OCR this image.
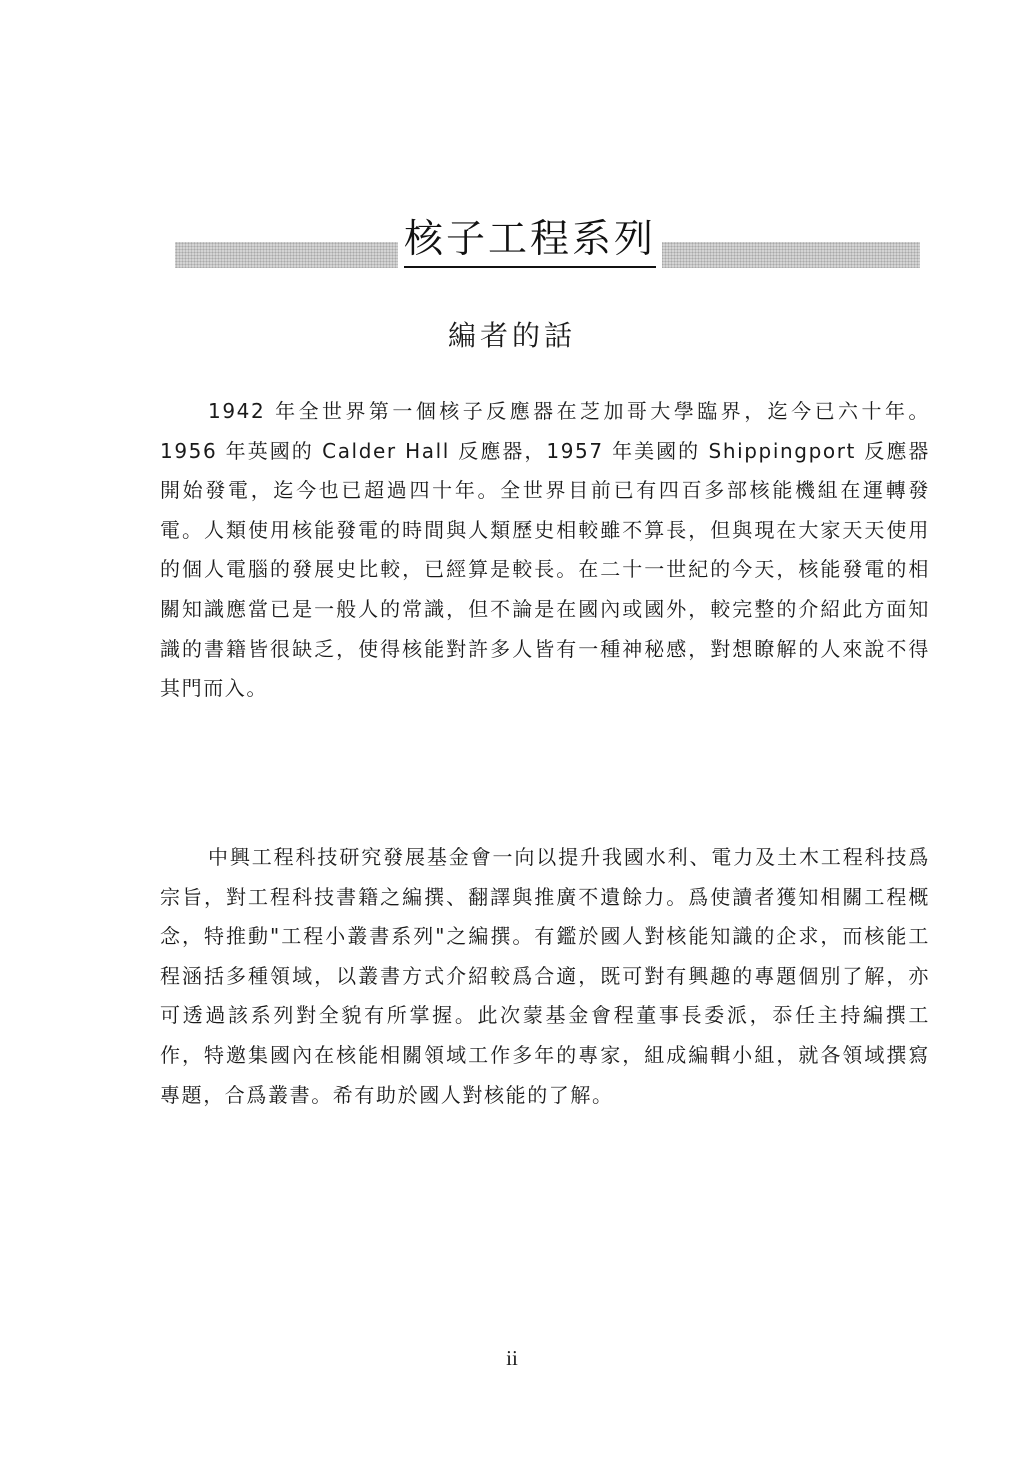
核子工程系列
編者的話

1942 年全世界第一個核子反應器在芝加哥大學臨界，迄今已六十年。1956 年英國的 Calder Hall 反應器，1957 年美國的 Shippingport 反應器開始發電，迄今也已超過四十年。全世界目前已有四百多部核能機組在運轉發電。人類使用核能發電的時間與人類歷史相較雖不算長，但與現在大家天天使用的個人電腦的發展史比較，已經算是較長。在二十一世紀的今天，核能發電的相關知識應當已是一般人的常識，但不論是在國內或國外，較完整的介紹此方面知識的書籍皆很缺乏，使得核能對許多人皆有一種神秘感，對想瞭解的人來說不得其門而入。

中興工程科技研究發展基金會一向以提升我國水利、電力及土木工程科技爲宗旨，對工程科技書籍之編撰、翻譯與推廣不遺餘力。爲使讀者獲知相關工程概念，特推動"工程小叢書系列"之編撰。有鑑於國人對核能知識的企求，而核能工程涵括多種領域，以叢書方式介紹較爲合適，既可對有興趣的專題個別了解，亦可透過該系列對全貌有所掌握。此次蒙基金會程董事長委派，忝任主持編撰工作，特邀集國內在核能相關領域工作多年的專家，組成編輯小組，就各領域撰寫專題，合爲叢書。希有助於國人對核能的了解。

ii
